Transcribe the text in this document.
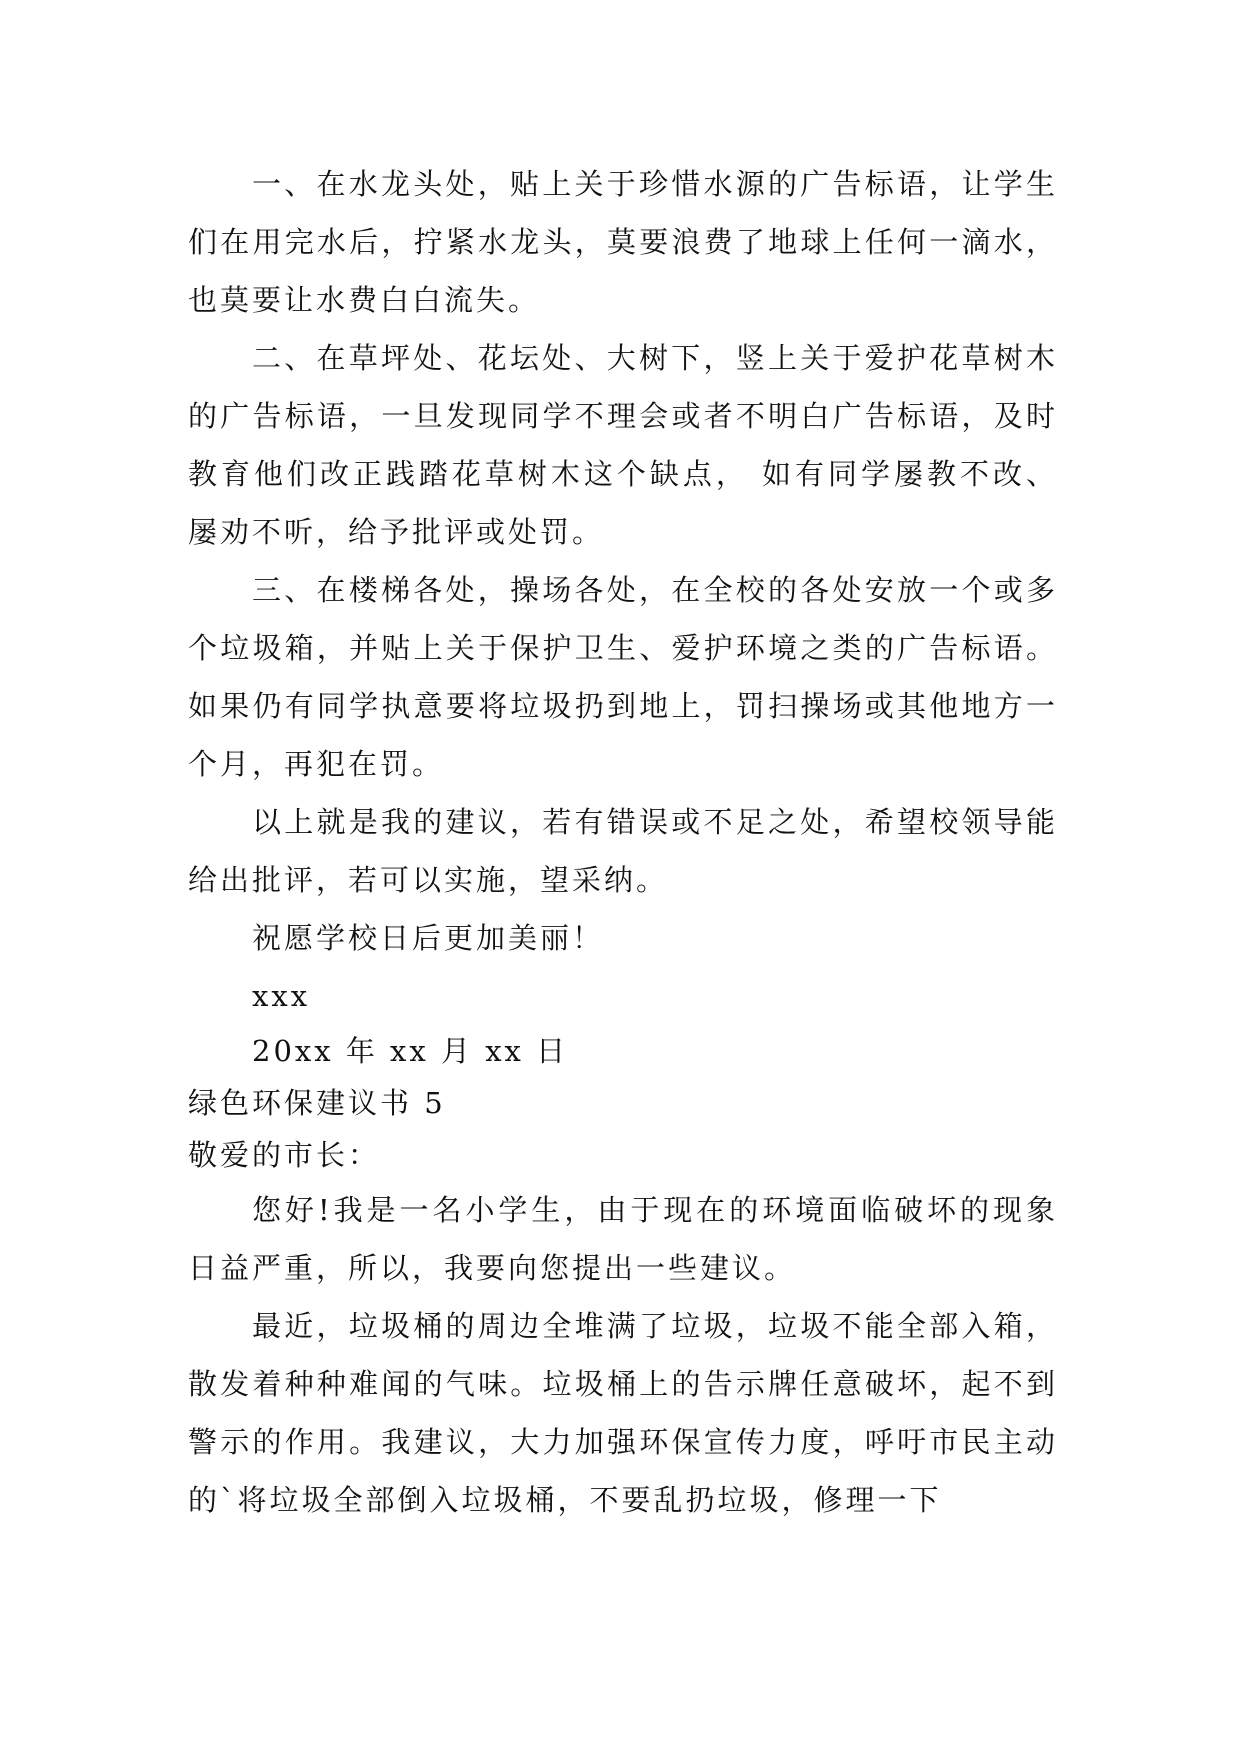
一、在水龙头处，贴上关于珍惜水源的广告标语，让学生们在用完水后，拧紧水龙头，莫要浪费了地球上任何一滴水，也莫要让水费白白流失。

二、在草坪处、花坛处、大树下，竖上关于爱护花草树木的广告标语，一旦发现同学不理会或者不明白广告标语，及时教育他们改正践踏花草树木这个缺点， 如有同学屡教不改、屡劝不听，给予批评或处罚。

三、在楼梯各处，操场各处，在全校的各处安放一个或多个垃圾箱，并贴上关于保护卫生、爱护环境之类的广告标语。如果仍有同学执意要将垃圾扔到地上，罚扫操场或其他地方一个月，再犯在罚。

以上就是我的建议，若有错误或不足之处，希望校领导能给出批评，若可以实施，望采纳。

祝愿学校日后更加美丽！

xxx

20xx 年 xx 月 xx 日

绿色环保建议书 5

敬爱的市长：

您好!我是一名小学生，由于现在的环境面临破坏的现象日益严重，所以，我要向您提出一些建议。

最近，垃圾桶的周边全堆满了垃圾，垃圾不能全部入箱，散发着种种难闻的气味。垃圾桶上的告示牌任意破坏，起不到警示的作用。我建议，大力加强环保宣传力度，呼吁市民主动的`将垃圾全部倒入垃圾桶，不要乱扔垃圾，修理一下
